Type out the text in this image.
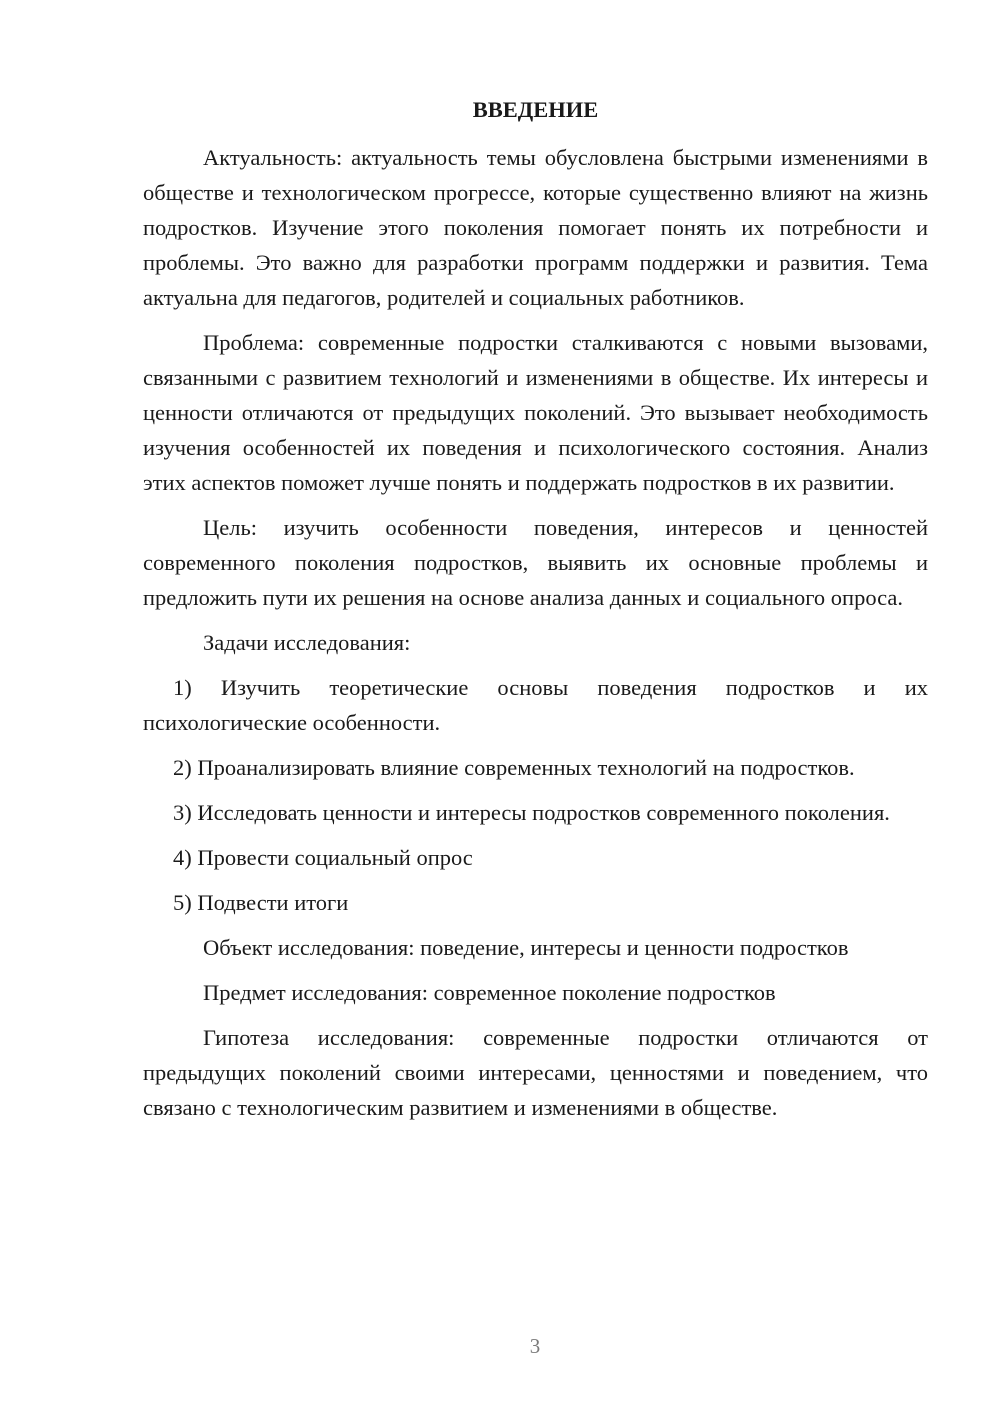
ВВЕДЕНИЕ

Актуальность: актуальность темы обусловлена быстрыми изменениями в обществе и технологическом прогрессе, которые существенно влияют на жизнь подростков. Изучение этого поколения помогает понять их потребности и проблемы. Это важно для разработки программ поддержки и развития. Тема актуальна для педагогов, родителей и социальных работников.

Проблема: современные подростки сталкиваются с новыми вызовами, связанными с развитием технологий и изменениями в обществе. Их интересы и ценности отличаются от предыдущих поколений. Это вызывает необходимость изучения особенностей их поведения и психологического состояния. Анализ этих аспектов поможет лучше понять и поддержать подростков в их развитии.

Цель: изучить особенности поведения, интересов и ценностей современного поколения подростков, выявить их основные проблемы и предложить пути их решения на основе анализа данных и социального опроса.

Задачи исследования:

1) Изучить теоретические основы поведения подростков и их психологические особенности.

2) Проанализировать влияние современных технологий на подростков.

3) Исследовать ценности и интересы подростков современного поколения.

4) Провести социальный опрос

5) Подвести итоги

Объект исследования: поведение, интересы и ценности подростков

Предмет исследования: современное поколение подростков

Гипотеза исследования: современные подростки отличаются от предыдущих поколений своими интересами, ценностями и поведением, что связано с технологическим развитием и изменениями в обществе.

3
